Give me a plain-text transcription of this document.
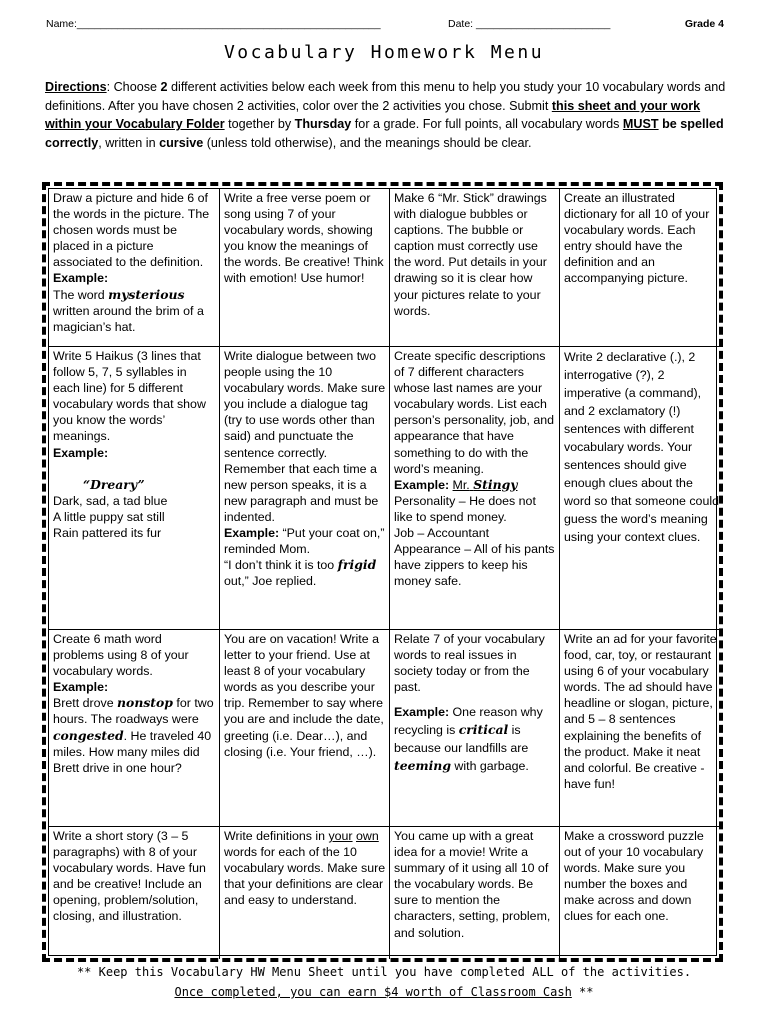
Name:____________________________________________________	Date: _______________________	Grade 4
Vocabulary Homework Menu
Directions: Choose 2 different activities below each week from this menu to help you study your 10 vocabulary words and definitions. After you have chosen 2 activities, color over the 2 activities you chose. Submit this sheet and your work within your Vocabulary Folder together by Thursday for a grade. For full points, all vocabulary words MUST be spelled correctly, written in cursive (unless told otherwise), and the meanings should be clear.
Draw a picture and hide 6 of the words in the picture. The chosen words must be placed in a picture associated to the definition. Example:
The word mysterious written around the brim of a magician’s hat.
Write a free verse poem or song using 7 of your vocabulary words, showing you know the meanings of the words. Be creative! Think with emotion! Use humor!
Make 6 “Mr. Stick” drawings with dialogue bubbles or captions. The bubble or caption must correctly use the word. Put details in your drawing so it is clear how your pictures relate to your words.
Create an illustrated dictionary for all 10 of your vocabulary words. Each entry should have the definition and an accompanying picture.
Write 5 Haikus (3 lines that follow 5, 7, 5 syllables in each line) for 5 different vocabulary words that show you know the words’ meanings.
Example:

“Dreary”
Dark, sad, a tad blue
A little puppy sat still
Rain pattered its fur
Write dialogue between two people using the 10 vocabulary words. Make sure you include a dialogue tag (try to use words other than said) and punctuate the sentence correctly. Remember that each time a new person speaks, it is a new paragraph and must be indented.
Example: “Put your coat on,” reminded Mom.
“I don’t think it is too frigid out,” Joe replied.
Create specific descriptions of 7 different characters whose last names are your vocabulary words. List each person’s personality, job, and appearance that have something to do with the word’s meaning.
Example: Mr. Stingy
Personality – He does not like to spend money.
Job – Accountant
Appearance – All of his pants have zippers to keep his money safe.
Write 2 declarative (.), 2 interrogative (?), 2 imperative (a command), and 2 exclamatory (!) sentences with different vocabulary words. Your sentences should give enough clues about the word so that someone could guess the word’s meaning using your context clues.
Create 6 math word problems using 8 of your vocabulary words.
Example:
Brett drove nonstop for two hours. The roadways were congested. He traveled 40 miles. How many miles did Brett drive in one hour?
You are on vacation! Write a letter to your friend. Use at least 8 of your vocabulary words as you describe your trip. Remember to say where you are and include the date, greeting (i.e. Dear…), and closing (i.e. Your friend, …).
Relate 7 of your vocabulary words to real issues in society today or from the past.
Example: One reason why recycling is critical is because our landfills are teeming with garbage.
Write an ad for your favorite food, car, toy, or restaurant using 6 of your vocabulary words. The ad should have headline or slogan, picture, and 5 – 8 sentences explaining the benefits of the product. Make it neat and colorful. Be creative - have fun!
Write a short story (3 – 5 paragraphs) with 8 of your vocabulary words. Have fun and be creative! Include an opening, problem/solution, closing, and illustration.
Write definitions in your own words for each of the 10 vocabulary words. Make sure that your definitions are clear and easy to understand.
You came up with a great idea for a movie! Write a summary of it using all 10 of the vocabulary words. Be sure to mention the characters, setting, problem, and solution.
Make a crossword puzzle out of your 10 vocabulary words. Make sure you number the boxes and make across and down clues for each one.
** Keep this Vocabulary HW Menu Sheet until you have completed ALL of the activities.
Once completed, you can earn $4 worth of Classroom Cash **
